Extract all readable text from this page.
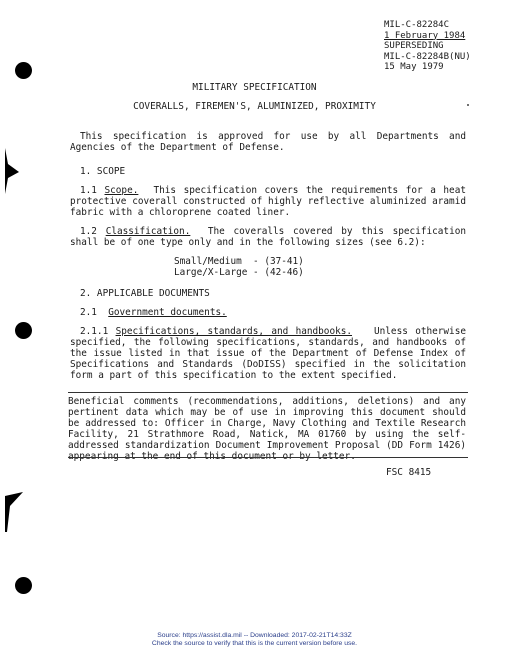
MIL-C-82284C
1 February 1984
SUPERSEDING
MIL-C-82284B(NU)
15 May 1979
MILITARY SPECIFICATION
COVERALLS, FIREMEN'S, ALUMINIZED, PROXIMITY
This specification is approved for use by all Departments and Agencies of the Department of Defense.
1. SCOPE
1.1 Scope. This specification covers the requirements for a heat protective coverall constructed of highly reflective aluminized aramid fabric with a chloroprene coated liner.
1.2 Classification. The coveralls covered by this specification shall be of one type only and in the following sizes (see 6.2):
Small/Medium - (37-41)
Large/X-Large - (42-46)
2. APPLICABLE DOCUMENTS
2.1 Government documents.
2.1.1 Specifications, standards, and handbooks. Unless otherwise specified, the following specifications, standards, and handbooks of the issue listed in that issue of the Department of Defense Index of Specifications and Standards (DoDISS) specified in the solicitation form a part of this specification to the extent specified.
Beneficial comments (recommendations, additions, deletions) and any pertinent data which may be of use in improving this document should be addressed to: Officer in Charge, Navy Clothing and Textile Research Facility, 21 Strathmore Road, Natick, MA 01760 by using the self-addressed standardization Document Improvement Proposal (DD Form 1426) appearing at the end of this document or by letter.
FSC 8415
Source: https://assist.dla.mil -- Downloaded: 2017-02-21T14:33Z
Check the source to verify that this is the current version before use.
